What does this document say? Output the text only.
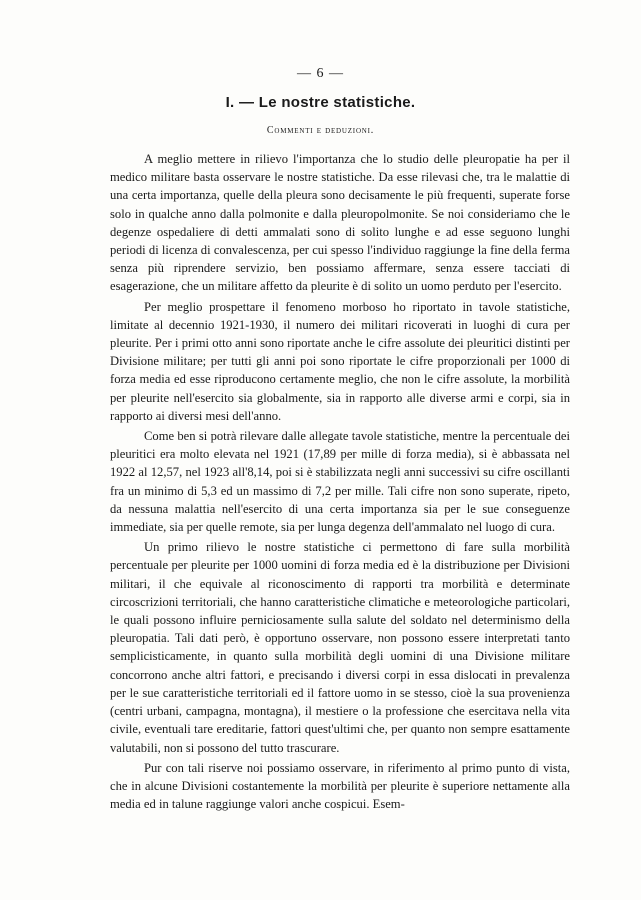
— 6 —
I. — Le nostre statistiche.
Commenti e deduzioni.

A meglio mettere in rilievo l'importanza che lo studio delle pleuropatie ha per il medico militare basta osservare le nostre statistiche. Da esse rilevasi che, tra le malattie di una certa importanza, quelle della pleura sono decisamente le più frequenti, superate forse solo in qualche anno dalla polmonite e dalla pleuropolmonite. Se noi consideriamo che le degenze ospedaliere di detti ammalati sono di solito lunghe e ad esse seguono lunghi periodi di licenza di convalescenza, per cui spesso l'individuo raggiunge la fine della ferma senza più riprendere servizio, ben possiamo affermare, senza essere tacciati di esagerazione, che un militare affetto da pleurite è di solito un uomo perduto per l'esercito.

Per meglio prospettare il fenomeno morboso ho riportato in tavole statistiche, limitate al decennio 1921-1930, il numero dei militari ricoverati in luoghi di cura per pleurite. Per i primi otto anni sono riportate anche le cifre assolute dei pleuritici distinti per Divisione militare; per tutti gli anni poi sono riportate le cifre proporzionali per 1000 di forza media ed esse riproducono certamente meglio, che non le cifre assolute, la morbilità per pleurite nell'esercito sia globalmente, sia in rapporto alle diverse armi e corpi, sia in rapporto ai diversi mesi dell'anno.

Come ben si potrà rilevare dalle allegate tavole statistiche, mentre la percentuale dei pleuritici era molto elevata nel 1921 (17,89 per mille di forza media), si è abbassata nel 1922 al 12,57, nel 1923 all'8,14, poi si è stabilizzata negli anni successivi su cifre oscillanti fra un minimo di 5,3 ed un massimo di 7,2 per mille. Tali cifre non sono superate, ripeto, da nessuna malattia nell'esercito di una certa importanza sia per le sue conseguenze immediate, sia per quelle remote, sia per lunga degenza dell'ammalato nel luogo di cura.

Un primo rilievo le nostre statistiche ci permettono di fare sulla morbilità percentuale per pleurite per 1000 uomini di forza media ed è la distribuzione per Divisioni militari, il che equivale al riconoscimento di rapporti tra morbilità e determinate circoscrizioni territoriali, che hanno caratteristiche climatiche e meteorologiche particolari, le quali possono influire perniciosamente sulla salute del soldato nel determinismo della pleuropatia. Tali dati però, è opportuno osservare, non possono essere interpretati tanto semplicisticamente, in quanto sulla morbilità degli uomini di una Divisione militare concorrono anche altri fattori, e precisando i diversi corpi in essa dislocati in prevalenza per le sue caratteristiche territoriali ed il fattore uomo in se stesso, cioè la sua provenienza (centri urbani, campagna, montagna), il mestiere o la professione che esercitava nella vita civile, eventuali tare ereditarie, fattori quest'ultimi che, per quanto non sempre esattamente valutabili, non si possono del tutto trascurare.

Pur con tali riserve noi possiamo osservare, in riferimento al primo punto di vista, che in alcune Divisioni costantemente la morbilità per pleurite è superiore nettamente alla media ed in talune raggiunge valori anche cospicui. Esem-
